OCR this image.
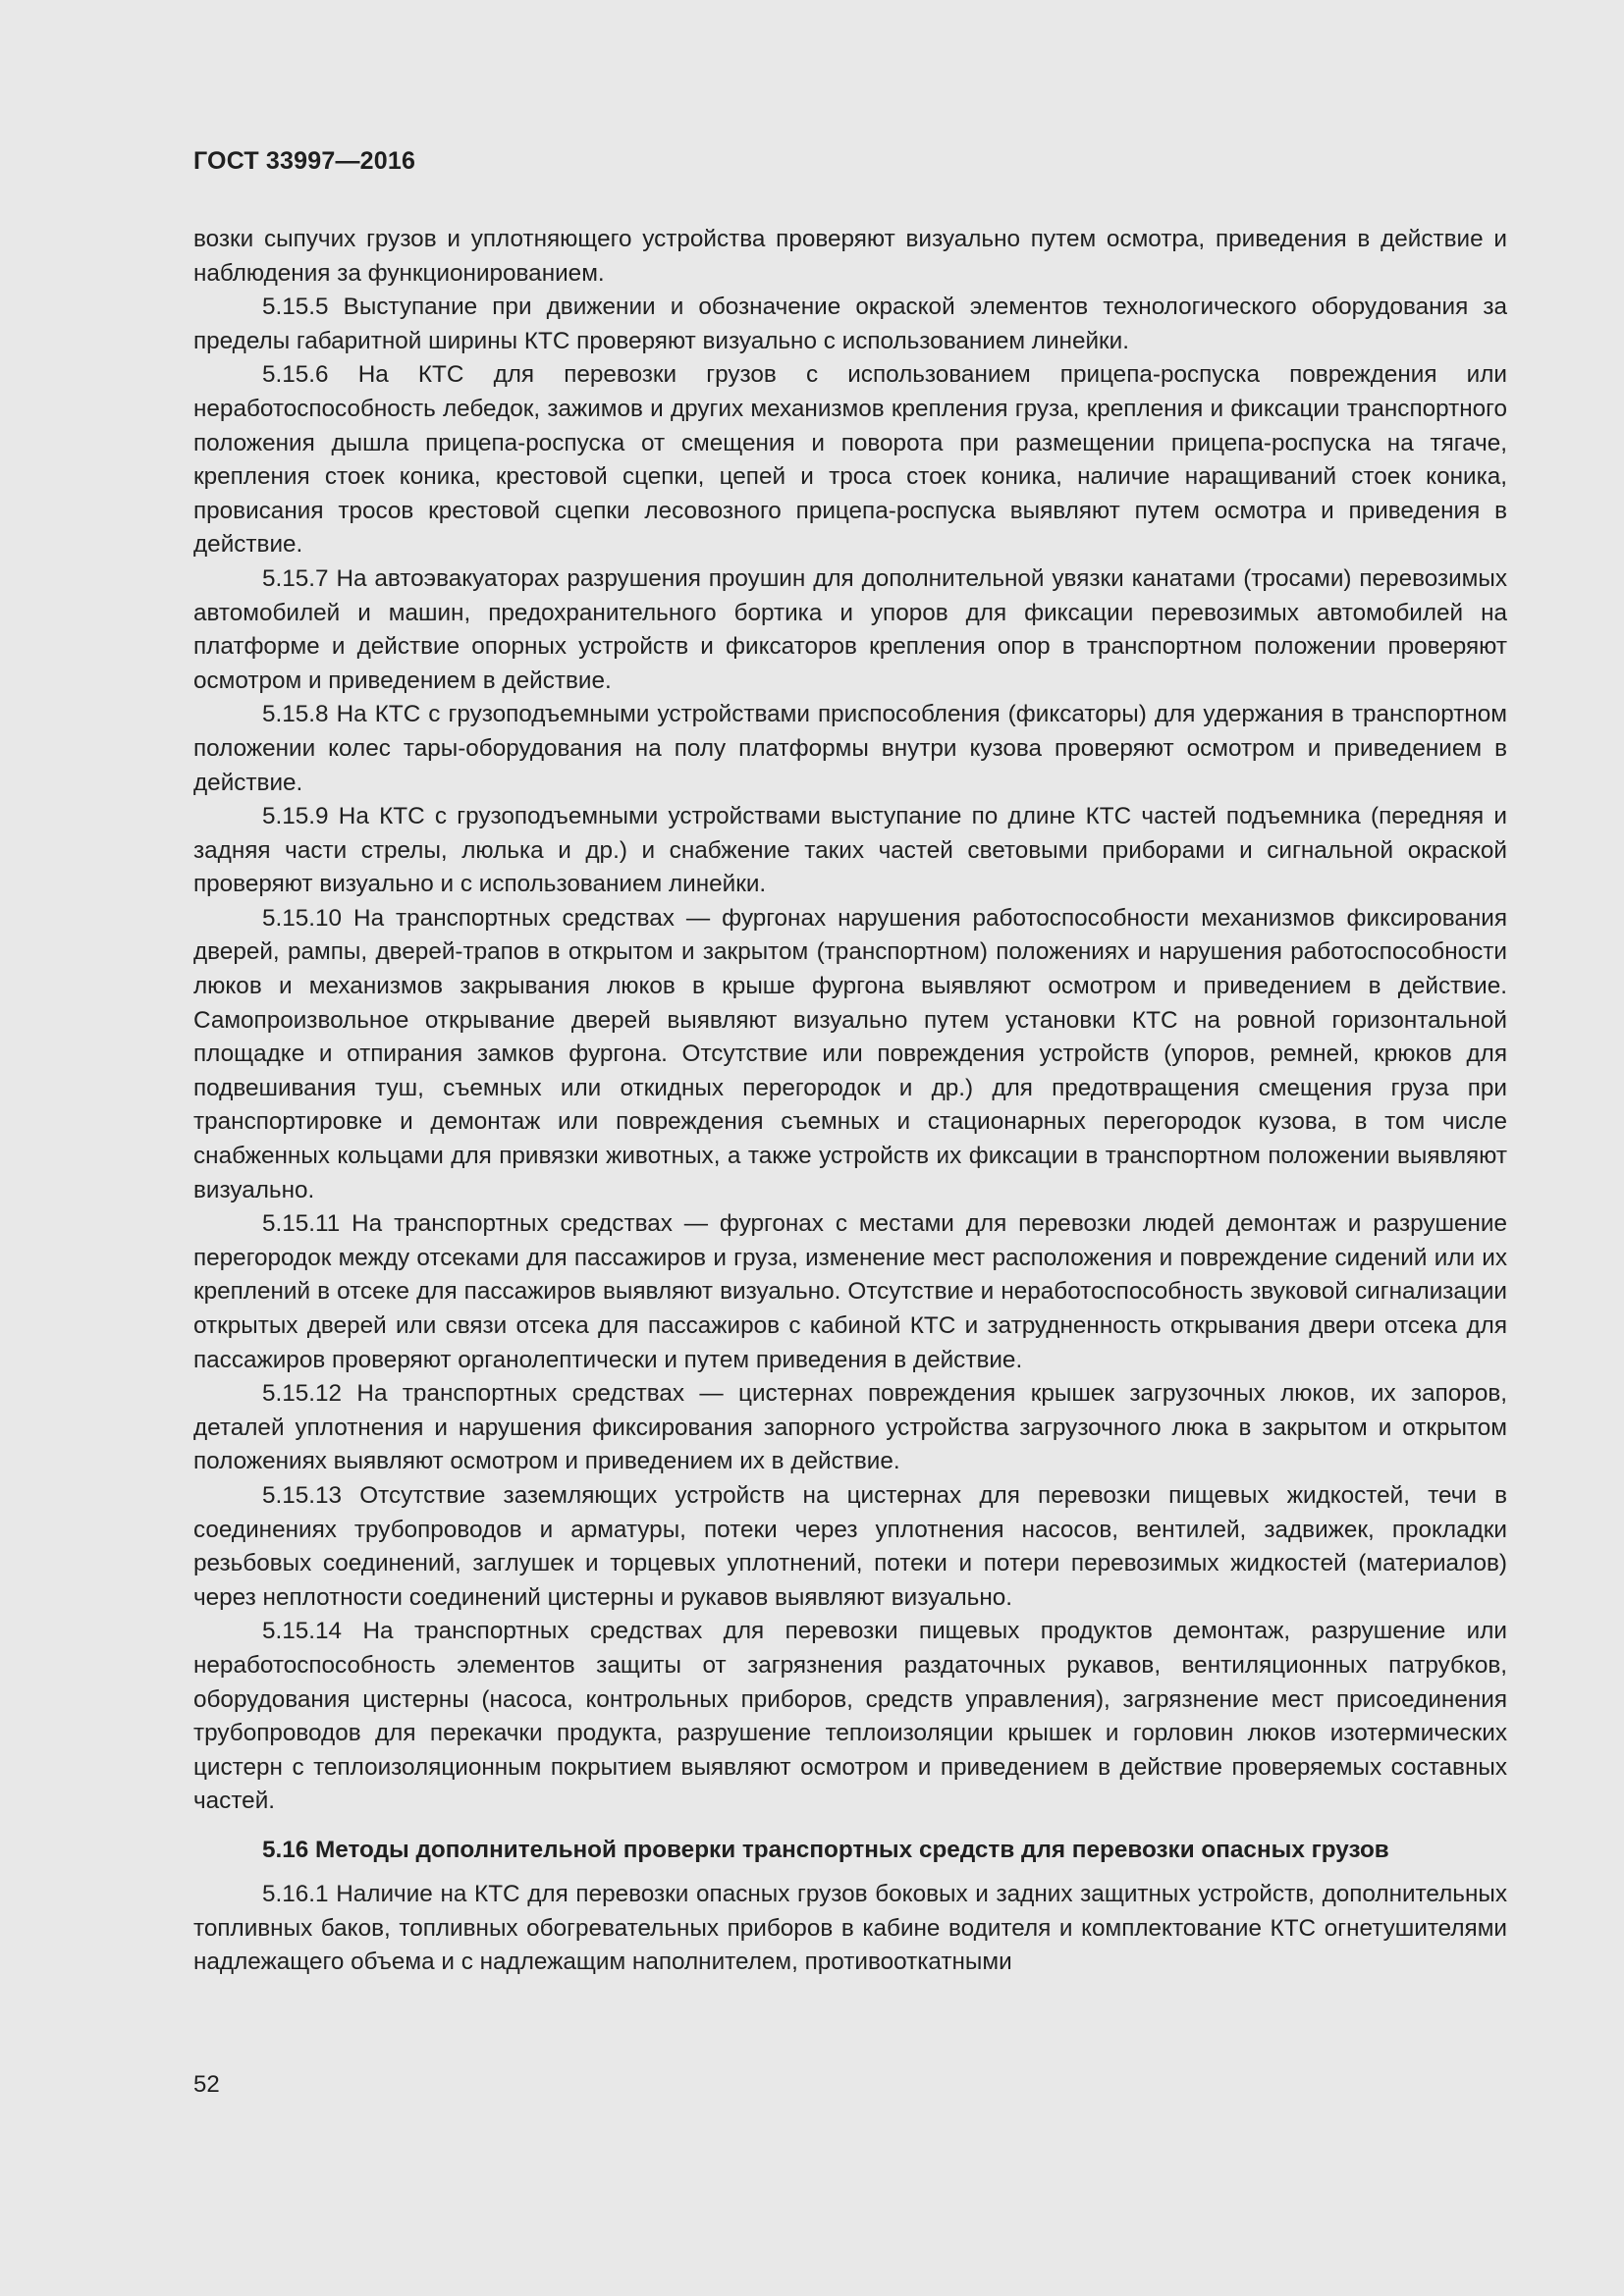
ГОСТ 33997—2016

возки сыпучих грузов и уплотняющего устройства проверяют визуально путем осмотра, приведения в действие и наблюдения за функционированием.

5.15.5 Выступание при движении и обозначение окраской элементов технологического оборудования за пределы габаритной ширины КТС проверяют визуально с использованием линейки.

5.15.6 На КТС для перевозки грузов с использованием прицепа-роспуска повреждения или неработоспособность лебедок, зажимов и других механизмов крепления груза, крепления и фиксации транспортного положения дышла прицепа-роспуска от смещения и поворота при размещении прицепа-роспуска на тягаче, крепления стоек коника, крестовой сцепки, цепей и троса стоек коника, наличие наращиваний стоек коника, провисания тросов крестовой сцепки лесовозного прицепа-роспуска выявляют путем осмотра и приведения в действие.

5.15.7 На автоэвакуаторах разрушения проушин для дополнительной увязки канатами (тросами) перевозимых автомобилей и машин, предохранительного бортика и упоров для фиксации перевозимых автомобилей на платформе и действие опорных устройств и фиксаторов крепления опор в транспортном положении проверяют осмотром и приведением в действие.

5.15.8 На КТС с грузоподъемными устройствами приспособления (фиксаторы) для удержания в транспортном положении колес тары-оборудования на полу платформы внутри кузова проверяют осмотром и приведением в действие.

5.15.9 На КТС с грузоподъемными устройствами выступание по длине КТС частей подъемника (передняя и задняя части стрелы, люлька и др.) и снабжение таких частей световыми приборами и сигнальной окраской проверяют визуально и с использованием линейки.

5.15.10 На транспортных средствах — фургонах нарушения работоспособности механизмов фиксирования дверей, рампы, дверей-трапов в открытом и закрытом (транспортном) положениях и нарушения работоспособности люков и механизмов закрывания люков в крыше фургона выявляют осмотром и приведением в действие. Самопроизвольное открывание дверей выявляют визуально путем установки КТС на ровной горизонтальной площадке и отпирания замков фургона. Отсутствие или повреждения устройств (упоров, ремней, крюков для подвешивания туш, съемных или откидных перегородок и др.) для предотвращения смещения груза при транспортировке и демонтаж или повреждения съемных и стационарных перегородок кузова, в том числе снабженных кольцами для привязки животных, а также устройств их фиксации в транспортном положении выявляют визуально.

5.15.11 На транспортных средствах — фургонах с местами для перевозки людей демонтаж и разрушение перегородок между отсеками для пассажиров и груза, изменение мест расположения и повреждение сидений или их креплений в отсеке для пассажиров выявляют визуально. Отсутствие и неработоспособность звуковой сигнализации открытых дверей или связи отсека для пассажиров с кабиной КТС и затрудненность открывания двери отсека для пассажиров проверяют органолептически и путем приведения в действие.

5.15.12 На транспортных средствах — цистернах повреждения крышек загрузочных люков, их запоров, деталей уплотнения и нарушения фиксирования запорного устройства загрузочного люка в закрытом и открытом положениях выявляют осмотром и приведением их в действие.

5.15.13 Отсутствие заземляющих устройств на цистернах для перевозки пищевых жидкостей, течи в соединениях трубопроводов и арматуры, потеки через уплотнения насосов, вентилей, задвижек, прокладки резьбовых соединений, заглушек и торцевых уплотнений, потеки и потери перевозимых жидкостей (материалов) через неплотности соединений цистерны и рукавов выявляют визуально.

5.15.14 На транспортных средствах для перевозки пищевых продуктов демонтаж, разрушение или неработоспособность элементов защиты от загрязнения раздаточных рукавов, вентиляционных патрубков, оборудования цистерны (насоса, контрольных приборов, средств управления), загрязнение мест присоединения трубопроводов для перекачки продукта, разрушение теплоизоляции крышек и горловин люков изотермических цистерн с теплоизоляционным покрытием выявляют осмотром и приведением в действие проверяемых составных частей.

5.16 Методы дополнительной проверки транспортных средств для перевозки опасных грузов

5.16.1 Наличие на КТС для перевозки опасных грузов боковых и задних защитных устройств, дополнительных топливных баков, топливных обогревательных приборов в кабине водителя и комплектование КТС огнетушителями надлежащего объема и с надлежащим наполнителем, противооткатными

52
